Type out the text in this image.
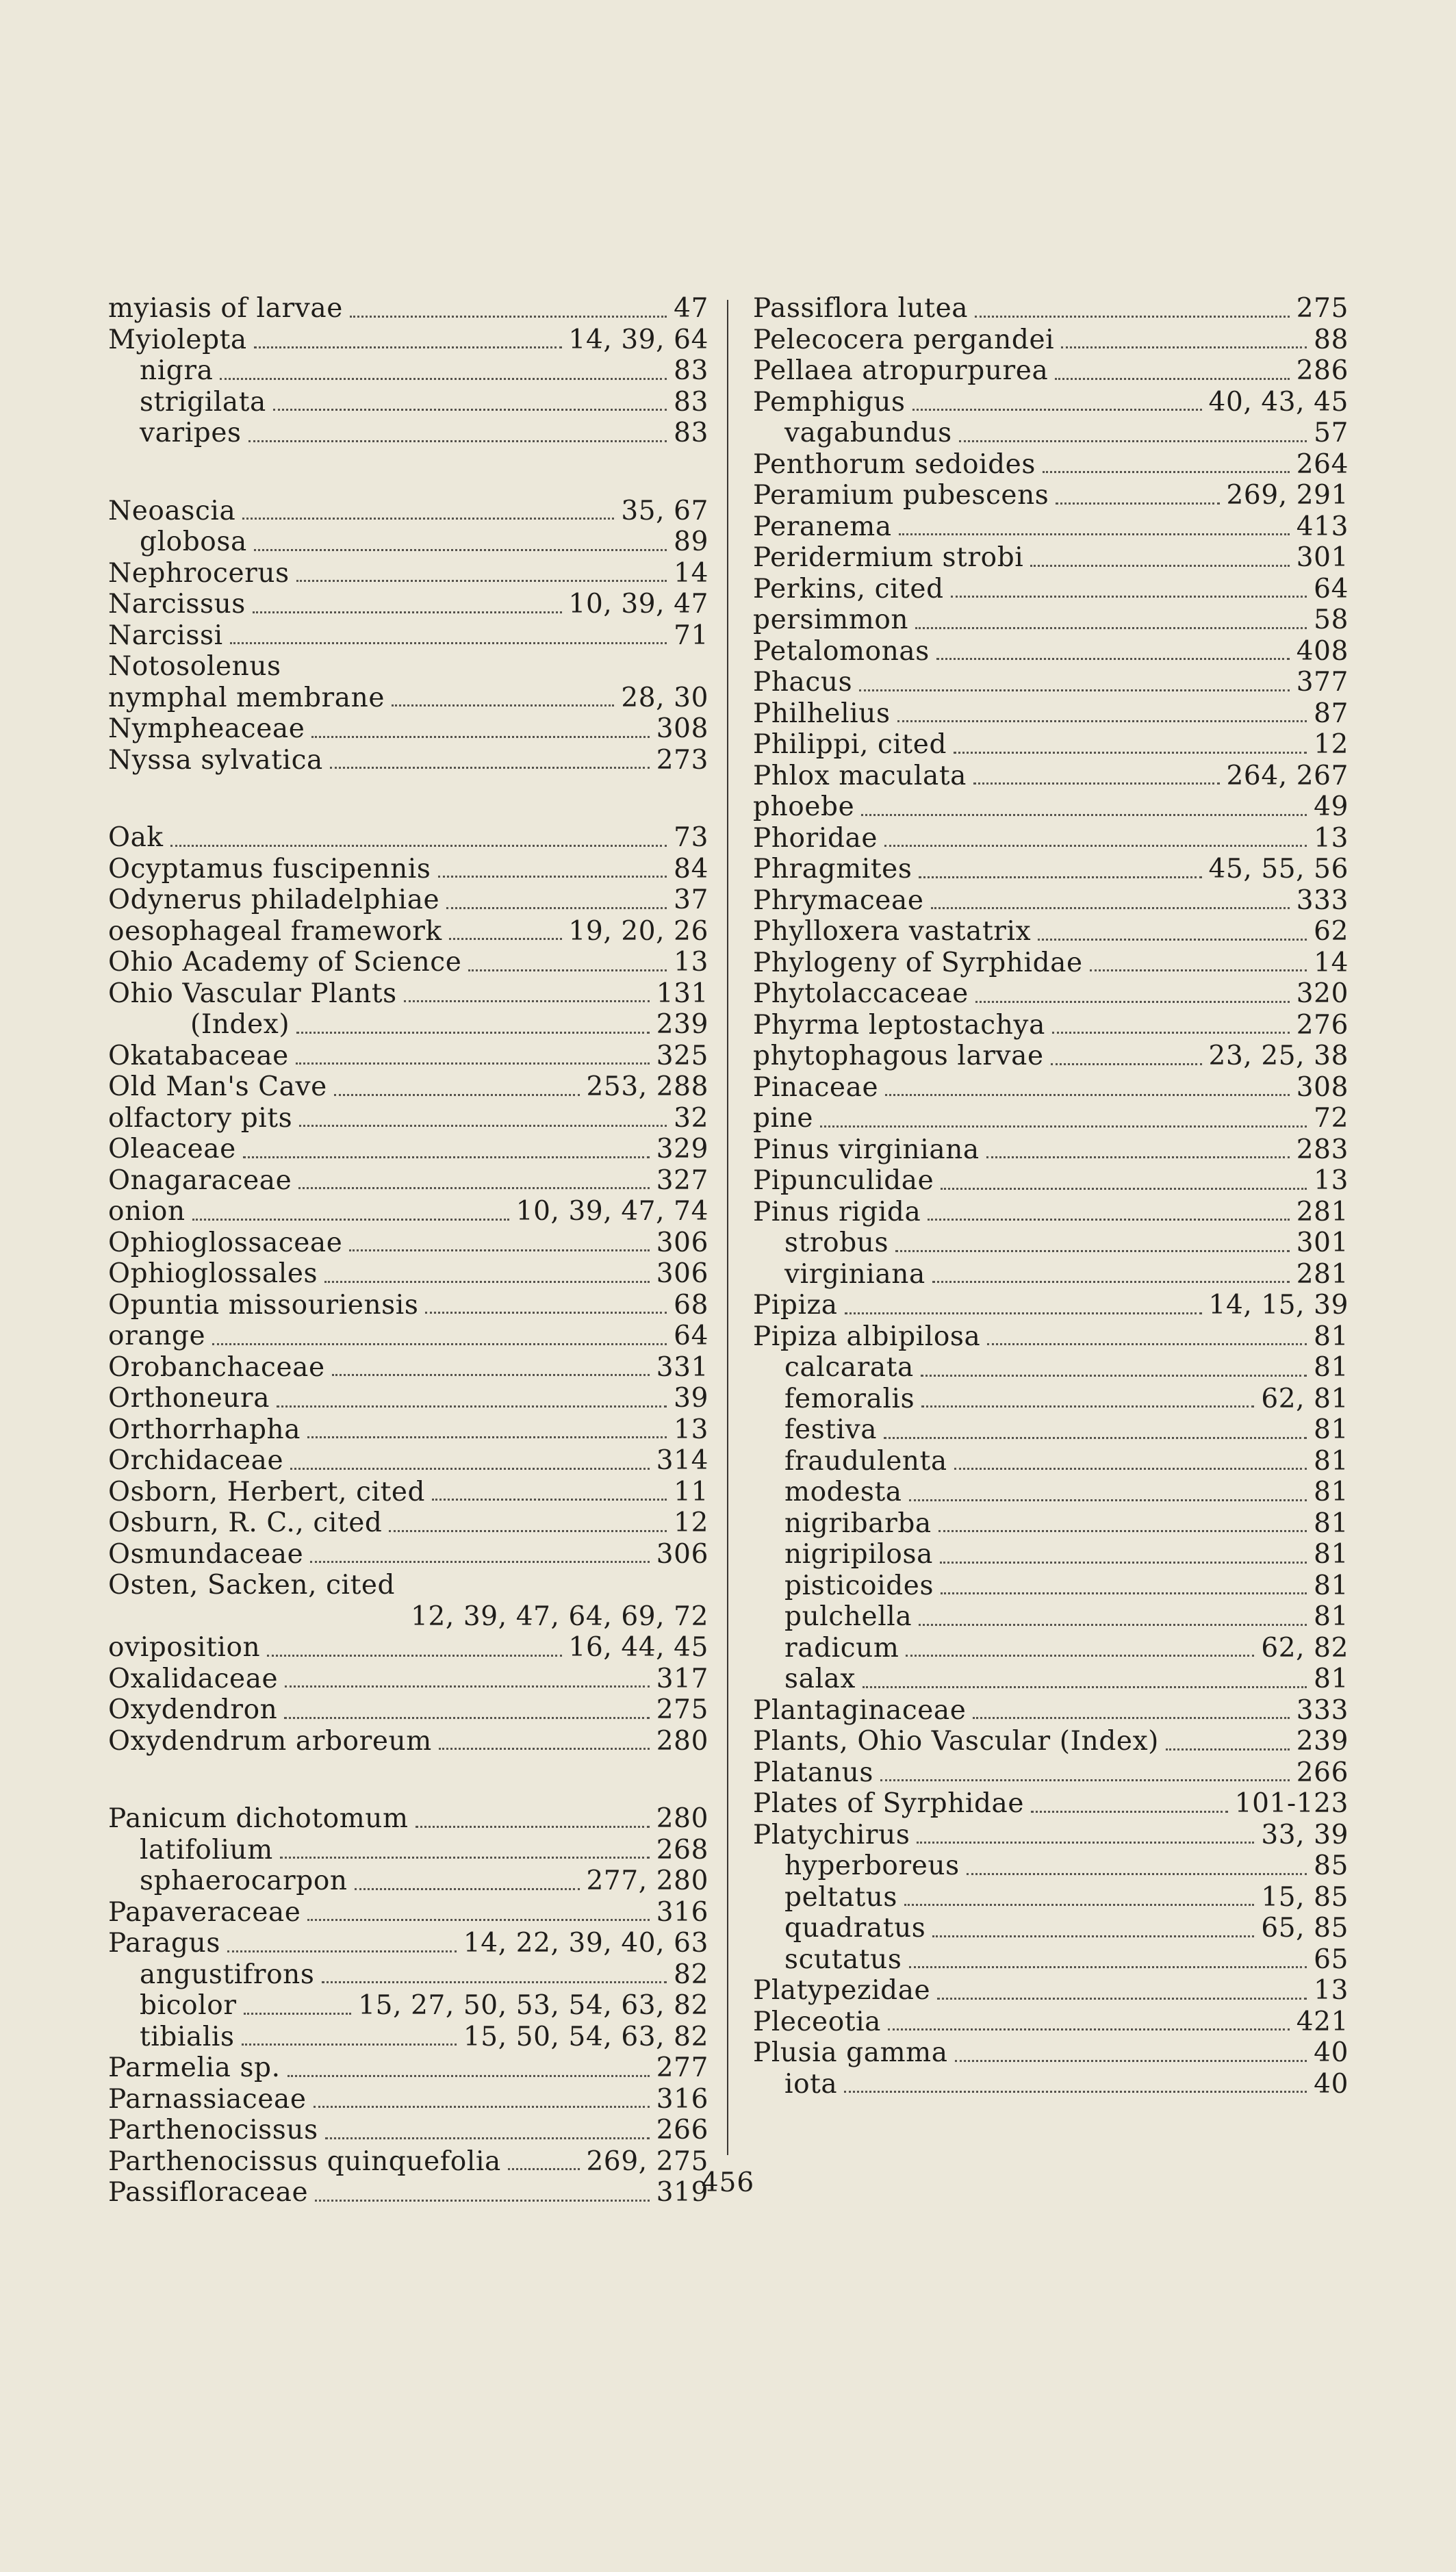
myiasis of larvae	47
Myiolepta	14, 39, 64
nigra	83
strigilata	83
varipes	83
Neoascia	35, 67
globosa	89
Nephrocerus	14
Narcissus	10, 39, 47
Narcissi	71
Notosolenus
nymphal membrane	28, 30
Nympheaceae	308
Nyssa sylvatica	273
Oak	73
Ocyptamus fuscipennis	84
Odynerus philadelphiae	37
oesophageal framework	19, 20, 26
Ohio Academy of Science	13
Ohio Vascular Plants	131
(Index)	239
Okatabaceae	325
Old Man's Cave	253, 288
olfactory pits	32
Oleaceae	329
Onagaraceae	327
onion	10, 39, 47, 74
Ophioglossaceae	306
Ophioglossales	306
Opuntia missouriensis	68
orange	64
Orobanchaceae	331
Orthoneura	39
Orthorrhapha	13
Orchidaceae	314
Osborn, Herbert, cited	11
Osburn, R. C., cited	12
Osmundaceae	306
Osten, Sacken, cited
12, 39, 47, 64, 69, 72
oviposition	16, 44, 45
Oxalidaceae	317
Oxydendron	275
Oxydendrum arboreum	280
Panicum dichotomum	280
latifolium	268
sphaerocarpon	277, 280
Papaveraceae	316
Paragus	14, 22, 39, 40, 63
angustifrons	82
bicolor	15, 27, 50, 53, 54, 63, 82
tibialis	15, 50, 54, 63, 82
Parmelia sp.	277
Parnassiaceae	316
Parthenocissus	266
Parthenocissus quinquefolia	269, 275
Passifloraceae	319
Passiflora lutea	275
Pelecocera pergandei	88
Pellaea atropurpurea	286
Pemphigus	40, 43, 45
vagabundus	57
Penthorum sedoides	264
Peramium pubescens	269, 291
Peranema	413
Peridermium strobi	301
Perkins, cited	64
persimmon	58
Petalomonas	408
Phacus	377
Philhelius	87
Philippi, cited	12
Phlox maculata	264, 267
phoebe	49
Phoridae	13
Phragmites	45, 55, 56
Phrymaceae	333
Phylloxera vastatrix	62
Phylogeny of Syrphidae	14
Phytolaccaceae	320
Phyrma leptostachya	276
phytophagous larvae	23, 25, 38
Pinaceae	308
pine	72
Pinus virginiana	283
Pipunculidae	13
Pinus rigida	281
strobus	301
virginiana	281
Pipiza	14, 15, 39
Pipiza albipilosa	81
calcarata	81
femoralis	62, 81
festiva	81
fraudulenta	81
modesta	81
nigribarba	81
nigripilosa	81
pisticoides	81
pulchella	81
radicum	62, 82
salax	81
Plantaginaceae	333
Plants, Ohio Vascular (Index)	239
Platanus	266
Plates of Syrphidae	101-123
Platychirus	33, 39
hyperboreus	85
peltatus	15, 85
quadratus	65, 85
scutatus	65
Platypezidae	13
Pleceotia	421
Plusia gamma	40
iota	40
456
